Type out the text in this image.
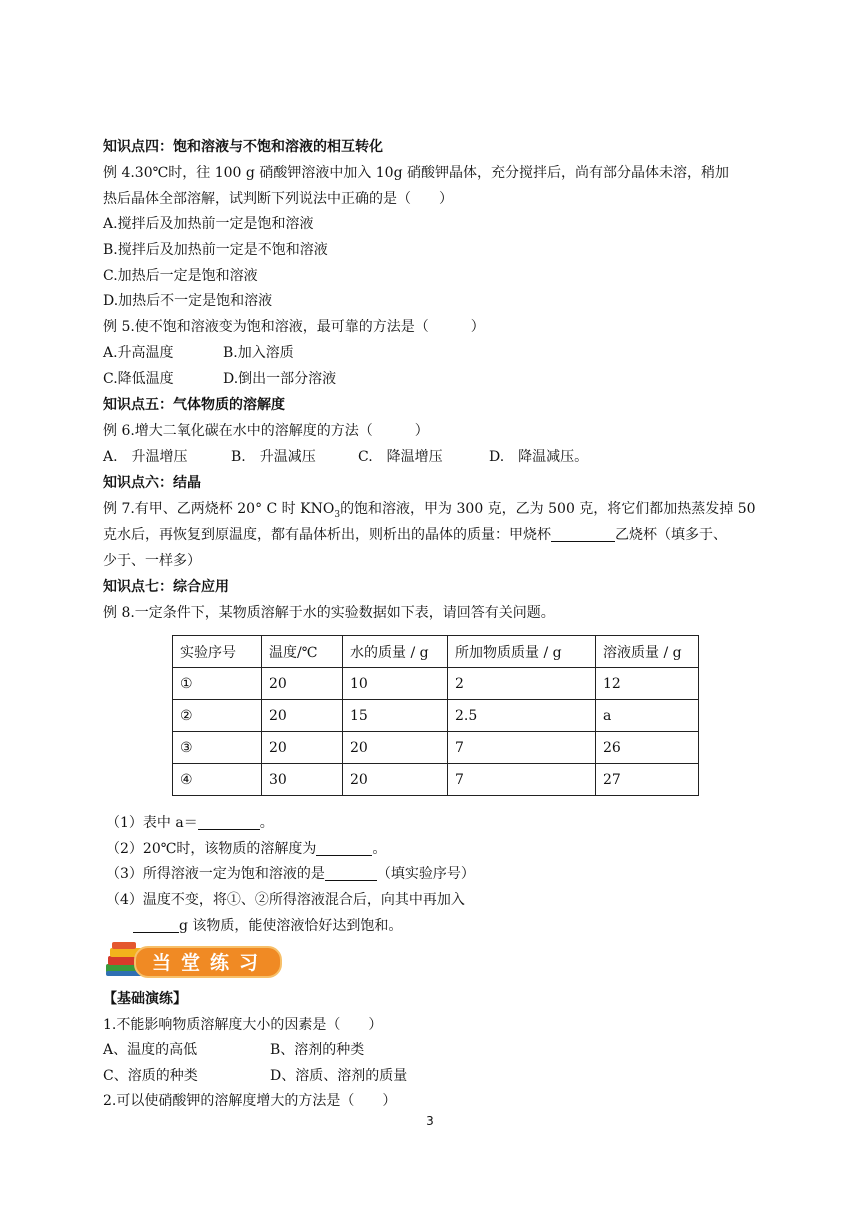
知识点四：饱和溶液与不饱和溶液的相互转化
例 4.30℃时，往 100 g 硝酸钾溶液中加入 10g 硝酸钾晶体，充分搅拌后，尚有部分晶体未溶，稍加
热后晶体全部溶解，试判断下列说法中正确的是（　　）
A.搅拌后及加热前一定是饱和溶液
B.搅拌后及加热前一定是不饱和溶液
C.加热后一定是饱和溶液
D.加热后不一定是饱和溶液
例 5.使不饱和溶液变为饱和溶液，最可靠的方法是（　　　）
A.升高温度	B.加入溶质
C.降低温度	D.倒出一部分溶液
知识点五：气体物质的溶解度
例 6.增大二氧化碳在水中的溶解度的方法（　　　）
A.　升温增压	B.　升温减压	C.　降温增压	D.　降温减压。
知识点六：结晶
例 7.有甲、乙两烧杯 20° C 时 $KNO_3$的饱和溶液，甲为 300 克，乙为 500 克，将它们都加热蒸发掉 50
克水后，再恢复到原温度，都有晶体析出，则析出的晶体的质量：甲烧杯	乙烧杯（填多于、
少于、一样多）
知识点七：综合应用
例 8.一定条件下，某物质溶解于水的实验数据如下表，请回答有关问题。
实验序号	温度/℃	水的质量 / g	所加物质质量 / g	溶液质量 / g
①	20	10	2	12
②	20	15	2.5	a
③	20	20	7	26
④	30	20	7	27
（1）表中 a＝	。
（2）20℃时，该物质的溶解度为	。
（3）所得溶液一定为饱和溶液的是	（填实验序号）
（4）温度不变，将①、②所得溶液混合后，向其中再加入
g 该物质，能使溶液恰好达到饱和。
当堂练习
【基础演练】
1.不能影响物质溶解度大小的因素是（　　）
A、温度的高低	B、溶剂的种类
C、溶质的种类	D、溶质、溶剂的质量
2.可以使硝酸钾的溶解度增大的方法是（　　）
3
